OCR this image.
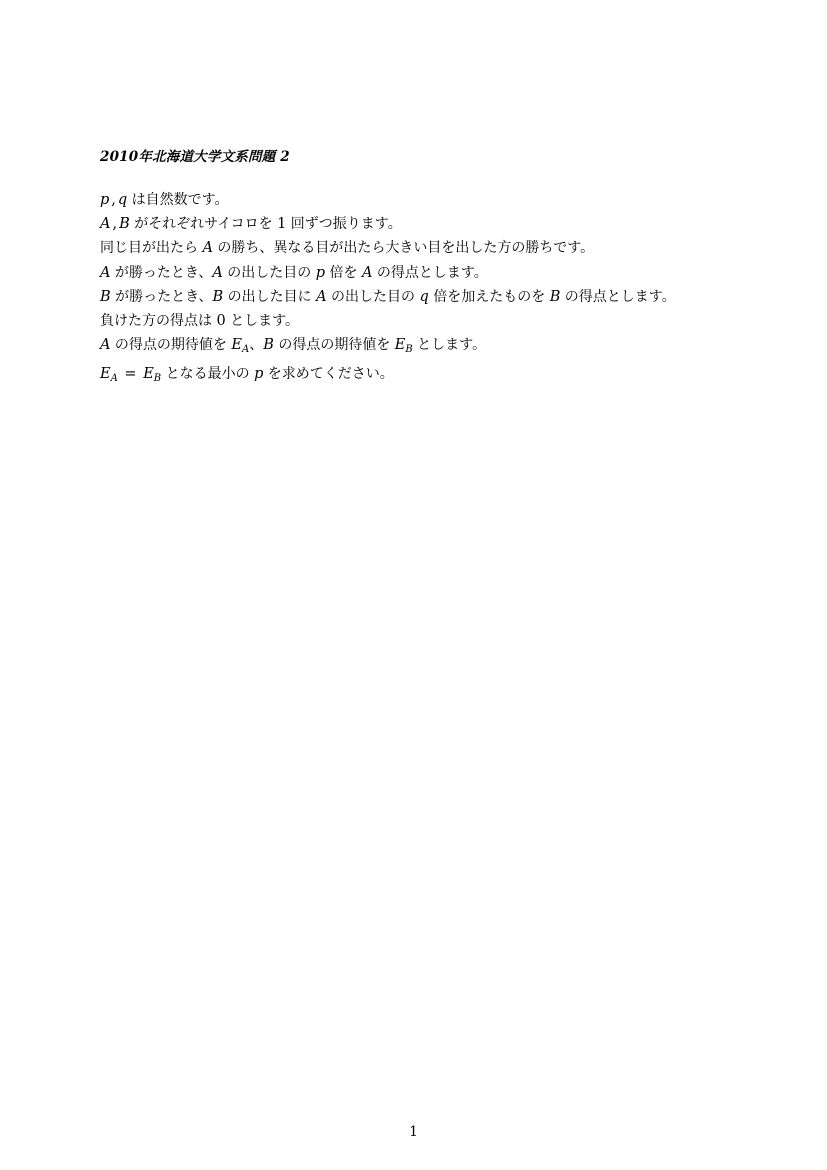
2010年北海道大学文系問題 2
p , q は自然数です。
A , B がそれぞれサイコロを 1 回ずつ振ります。
同じ目が出たら A の勝ち、異なる目が出たら大きい目を出した方の勝ちです。
A が勝ったとき、A の出した目の p 倍を A の得点とします。
B が勝ったとき、B の出した目に A の出した目の q 倍を加えたものを B の得点とします。
負けた方の得点は 0 とします。
A の得点の期待値を $E_A$、B の得点の期待値を $E_B$ とします。
$E_A = E_B$ となる最小の p を求めてください。
1
